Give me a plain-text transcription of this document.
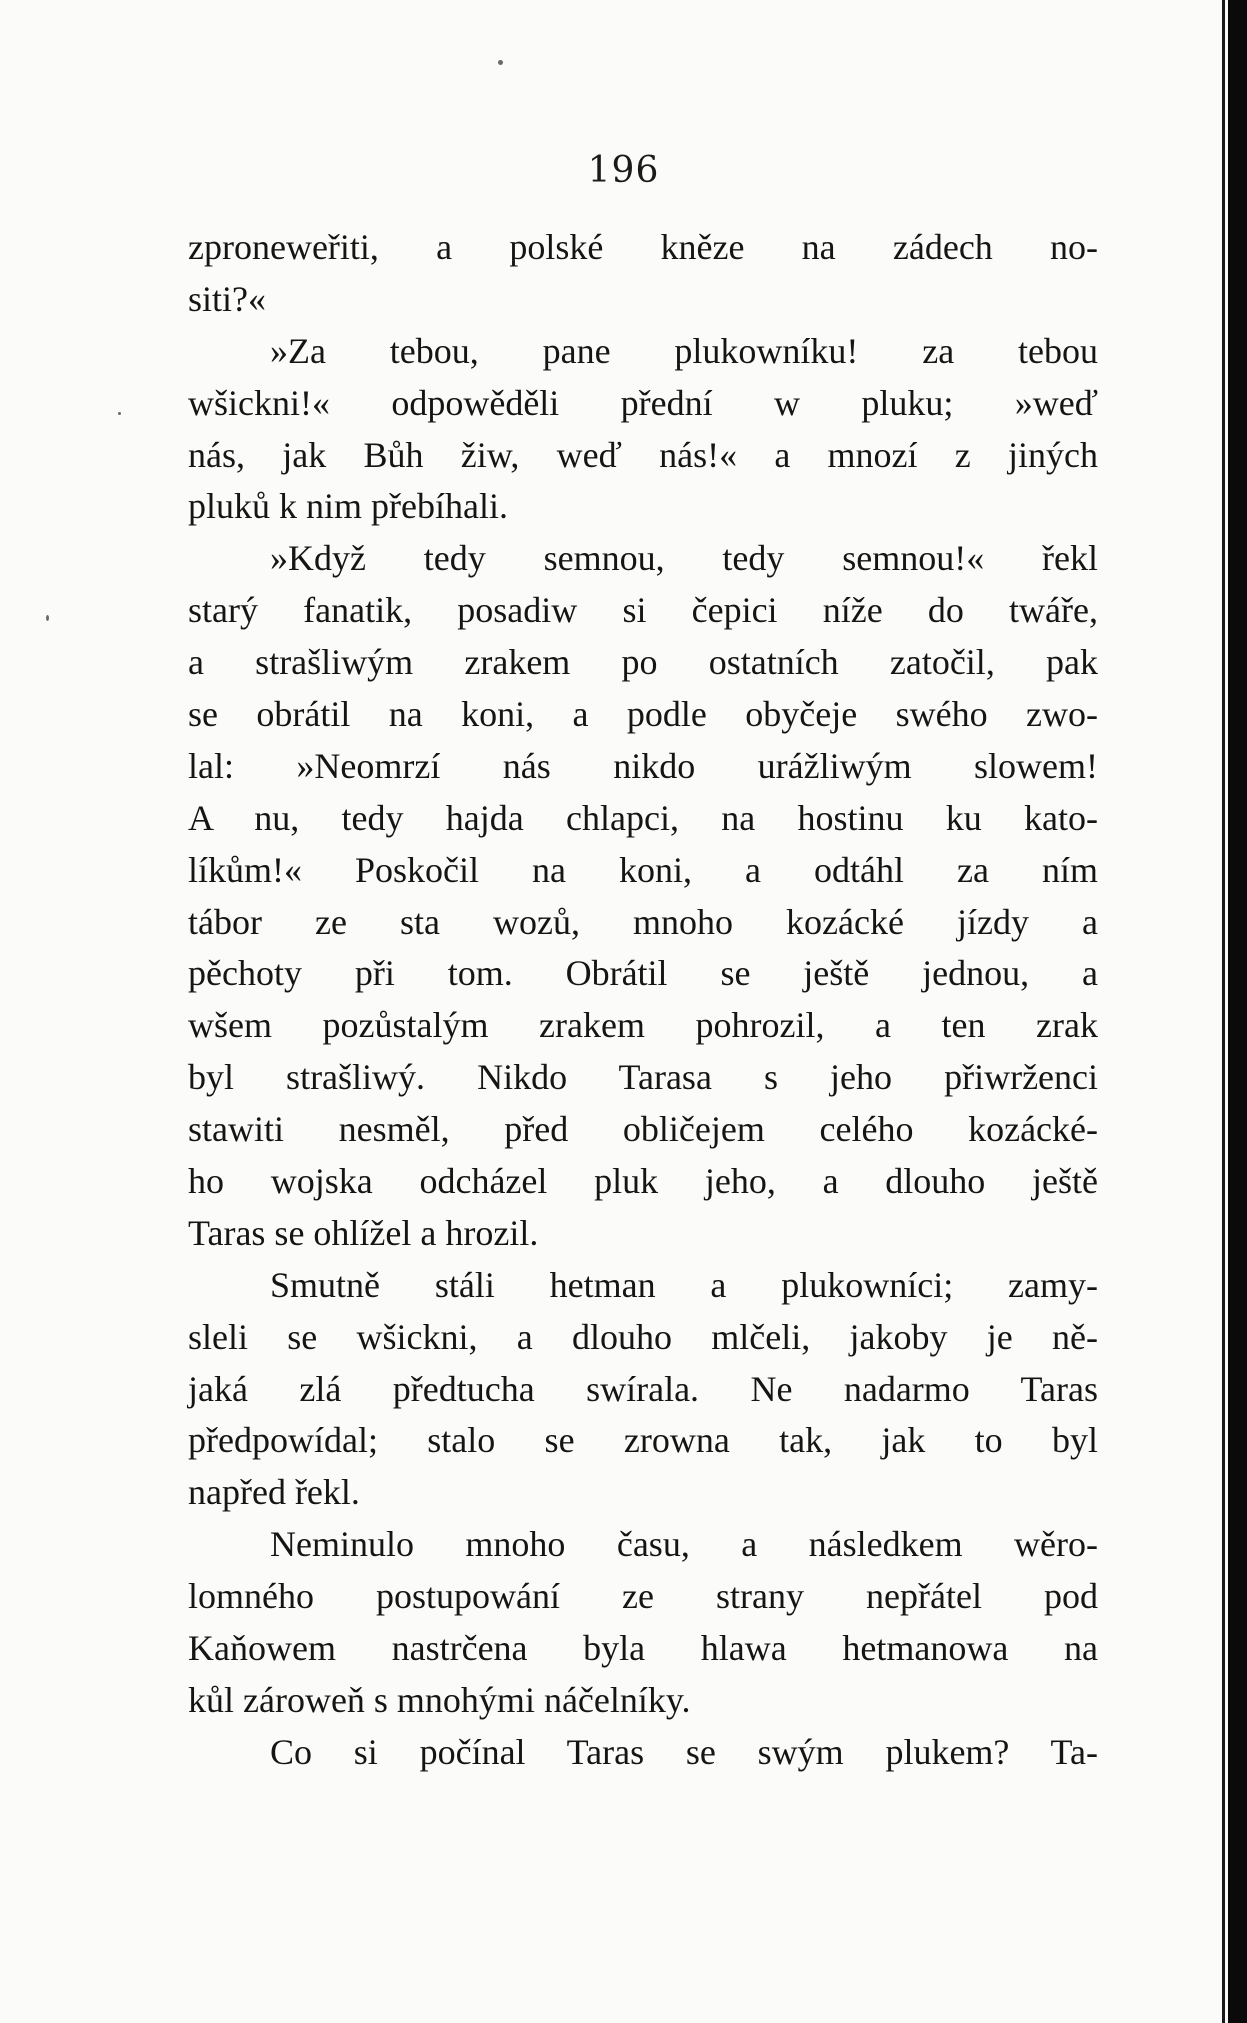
196
zproneweřiti, a polské kněze na zádech no-
siti?«
»Za tebou, pane plukowníku! za tebou
wšickni!« odpowěděli přední w pluku; »weď
nás, jak Bůh žiw, weď nás!« a mnozí z jiných
pluků k nim přebíhali.
»Když tedy semnou, tedy semnou!« řekl
starý fanatik, posadiw si čepici níže do twáře,
a strašliwým zrakem po ostatních zatočil, pak
se obrátil na koni, a podle obyčeje swého zwo-
lal: »Neomrzí nás nikdo urážliwým slowem!
A nu, tedy hajda chlapci, na hostinu ku kato-
líkům!« Poskočil na koni, a odtáhl za ním
tábor ze sta wozů, mnoho kozácké jízdy a
pěchoty při tom. Obrátil se ještě jednou, a
wšem pozůstalým zrakem pohrozil, a ten zrak
byl strašliwý. Nikdo Tarasa s jeho přiwrženci
stawiti nesměl, před obličejem celého kozácké-
ho wojska odcházel pluk jeho, a dlouho ještě
Taras se ohlížel a hrozil.
Smutně stáli hetman a plukowníci; zamy-
sleli se wšickni, a dlouho mlčeli, jakoby je ně-
jaká zlá předtucha swírala. Ne nadarmo Taras
předpowídal; stalo se zrowna tak, jak to byl
napřed řekl.
Neminulo mnoho času, a následkem wěro-
lomného postupowání ze strany nepřátel pod
Kaňowem nastrčena byla hlawa hetmanowa na
kůl zároweň s mnohými náčelníky.
Co si počínal Taras se swým plukem? Ta-
